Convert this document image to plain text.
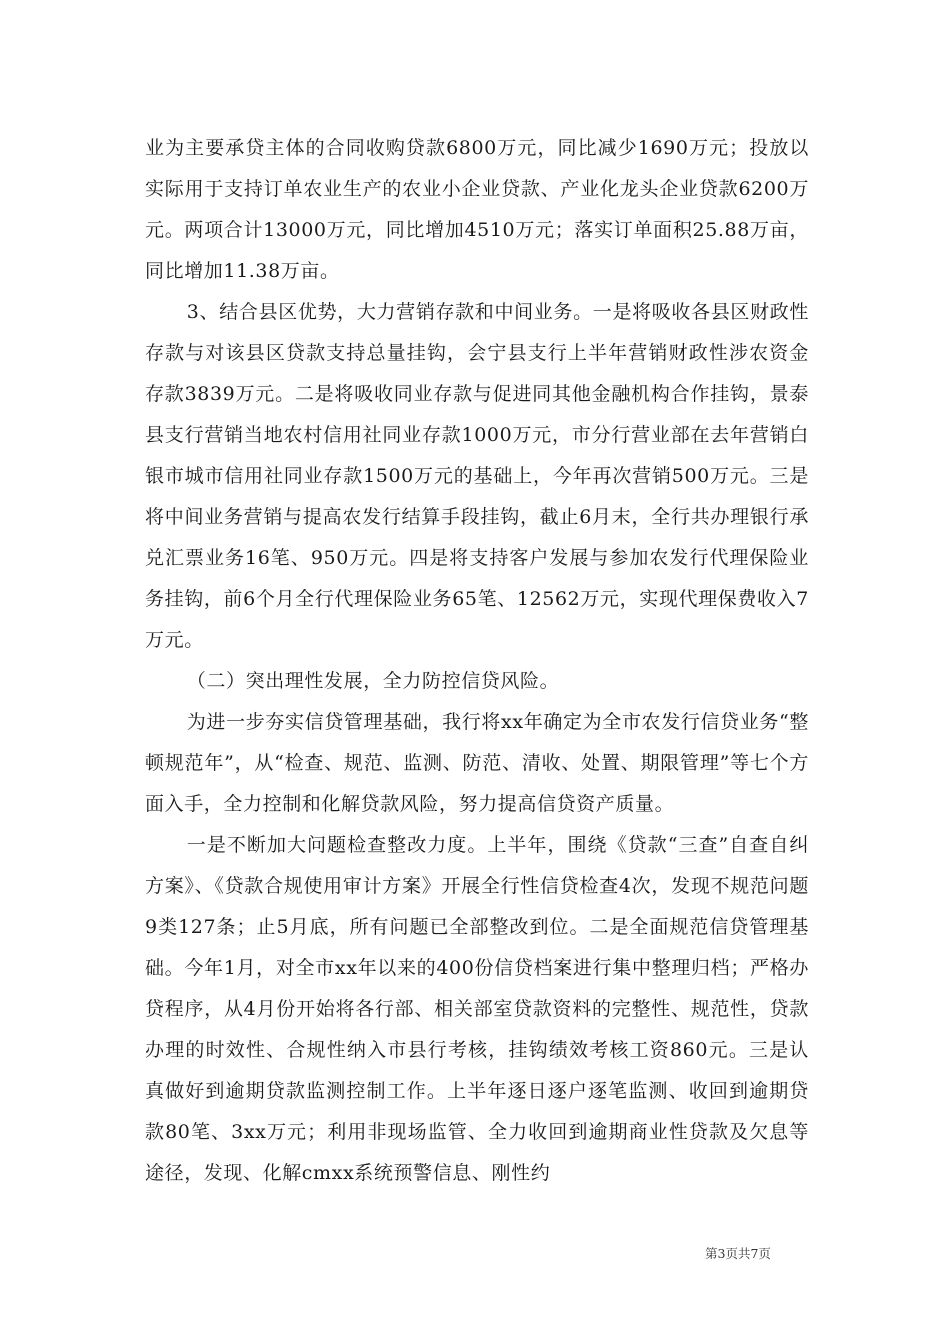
业为主要承贷主体的合同收购贷款6800万元，同比减少1690万元；投放以实际用于支持订单农业生产的农业小企业贷款、产业化龙头企业贷款6200万元。两项合计13000万元，同比增加4510万元；落实订单面积25.88万亩，同比增加11.38万亩。

3、结合县区优势，大力营销存款和中间业务。一是将吸收各县区财政性存款与对该县区贷款支持总量挂钩，会宁县支行上半年营销财政性涉农资金存款3839万元。二是将吸收同业存款与促进同其他金融机构合作挂钩，景泰县支行营销当地农村信用社同业存款1000万元，市分行营业部在去年营销白银市城市信用社同业存款1500万元的基础上，今年再次营销500万元。三是将中间业务营销与提高农发行结算手段挂钩，截止6月末，全行共办理银行承兑汇票业务16笔、950万元。四是将支持客户发展与参加农发行代理保险业务挂钩，前6个月全行代理保险业务65笔、12562万元，实现代理保费收入7万元。

（二）突出理性发展，全力防控信贷风险。

为进一步夯实信贷管理基础，我行将xx年确定为全市农发行信贷业务“整顿规范年”，从“检查、规范、监测、防范、清收、处置、期限管理”等七个方面入手，全力控制和化解贷款风险，努力提高信贷资产质量。

一是不断加大问题检查整改力度。上半年，围绕《贷款“三查”自查自纠方案》、《贷款合规使用审计方案》开展全行性信贷检查4次，发现不规范问题9类127条；止5月底，所有问题已全部整改到位。二是全面规范信贷管理基础。今年1月，对全市xx年以来的400份信贷档案进行集中整理归档；严格办贷程序，从4月份开始将各行部、相关部室贷款资料的完整性、规范性，贷款办理的时效性、合规性纳入市县行考核，挂钩绩效考核工资860元。三是认真做好到逾期贷款监测控制工作。上半年逐日逐户逐笔监测、收回到逾期贷款80笔、3xx万元；利用非现场监管、全力收回到逾期商业性贷款及欠息等途径，发现、化解cmxx系统预警信息、刚性约

第3页共7页
